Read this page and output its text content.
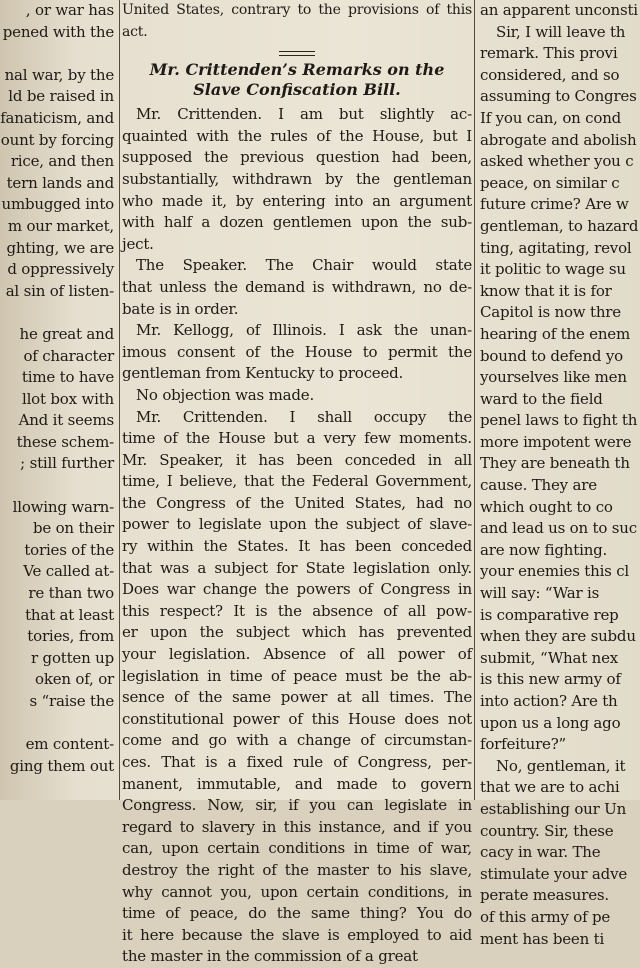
, or war has
pened with the

nal war, by the
ld be raised in
fanaticism, and
ount by forcing
rice, and then
tern lands and
umbugged into
m our market,
ghting, we are
d oppressively
al sin of listen-

he great and
of character
time to have
llot box with
And it seems
these schem-
; still further

llowing warn-
be on their
tories of the
Ve called at-
re than two
that at least
tories, from
r gotten up
oken of, or
s “raise the

em content-
ging them out
United States, contrary to the provisions of this
act.
Mr. Crittenden’s Remarks on the
Slave Confiscation Bill.
Mr. Crittenden. I am but slightly ac-
quainted with the rules of the House, but I
supposed the previous question had been,
substantially, withdrawn by the gentleman
who made it, by entering into an argument
with half a dozen gentlemen upon the sub-
ject.
The Speaker. The Chair would state
that unless the demand is withdrawn, no de-
bate is in order.
Mr. Kellogg, of Illinois. I ask the unan-
imous consent of the House to permit the
gentleman from Kentucky to proceed.
No objection was made.
Mr. Crittenden. I shall occupy the
time of the House but a very few moments.
Mr. Speaker, it has been conceded in all
time, I believe, that the Federal Government,
the Congress of the United States, had no
power to legislate upon the subject of slave-
ry within the States. It has been conceded
that was a subject for State legislation only.
Does war change the powers of Congress in
this respect? It is the absence of all pow-
er upon the subject which has prevented
your legislation. Absence of all power of
legislation in time of peace must be the ab-
sence of the same power at all times. The
constitutional power of this House does not
come and go with a change of circumstan-
ces. That is a fixed rule of Congress, per-
manent, immutable, and made to govern
Congress. Now, sir, if you can legislate in
regard to slavery in this instance, and if you
can, upon certain conditions in time of war,
destroy the right of the master to his slave,
why cannot you, upon certain conditions, in
time of peace, do the same thing? You do
it here because the slave is employed to aid
the master in the commission of a great
an apparent unconsti
Sir, I will leave th
remark. This provi
considered, and so
assuming to Congres
If you can, on cond
abrogate and abolish
asked whether you c
peace, on similar c
future crime? Are w
gentleman, to hazard
ting, agitating, revol
it politic to wage su
know that it is for
Capitol is now thre
hearing of the enem
bound to defend yo
yourselves like men
ward to the field
penel laws to fight th
more impotent were
They are beneath th
cause. They are
which ought to co
and lead us on to suc
are now fighting.
your enemies this cl
will say: “War is
is comparative rep
when they are subdu
submit, “What nex
is this new army of
into action? Are th
upon us a long ago
forfeiture?”
No, gentleman, it
that we are to achi
establishing our Un
country. Sir, these
cacy in war. The
stimulate your adve
perate measures.
of this army of pe
ment has been ti
